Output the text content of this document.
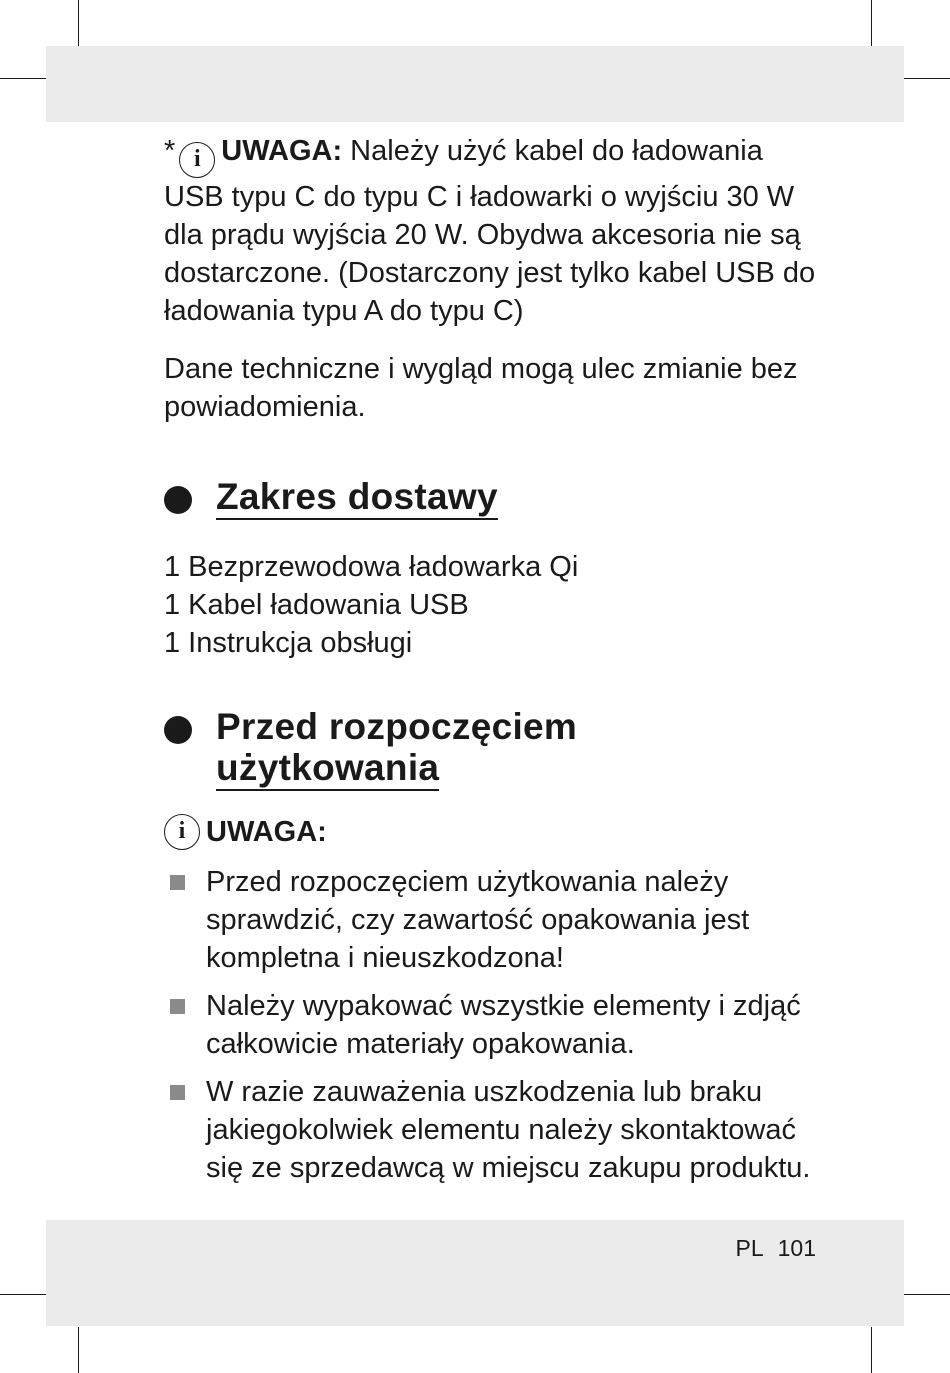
* i UWAGA: Należy użyć kabel do ładowania USB typu C do typu C i ładowarki o wyjściu 30 W dla prądu wyjścia 20 W. Obydwa akcesoria nie są dostarczone. (Dostarczony jest tylko kabel USB do ładowania typu A do typu C)

Dane techniczne i wygląd mogą ulec zmianie bez powiadomienia.

Zakres dostawy
1 Bezprzewodowa ładowarka Qi
1 Kabel ładowania USB
1 Instrukcja obsługi
Przed rozpoczęciem
użytkowania
i UWAGA:
Przed rozpoczęciem użytkowania należy sprawdzić, czy zawartość opakowania jest kompletna i nieuszkodzona!
Należy wypakować wszystkie elementy i zdjąć całkowicie materiały opakowania.
W razie zauważenia uszkodzenia lub braku jakiegokolwiek elementu należy skontaktować się ze sprzedawcą w miejscu zakupu produktu.
PL 101
